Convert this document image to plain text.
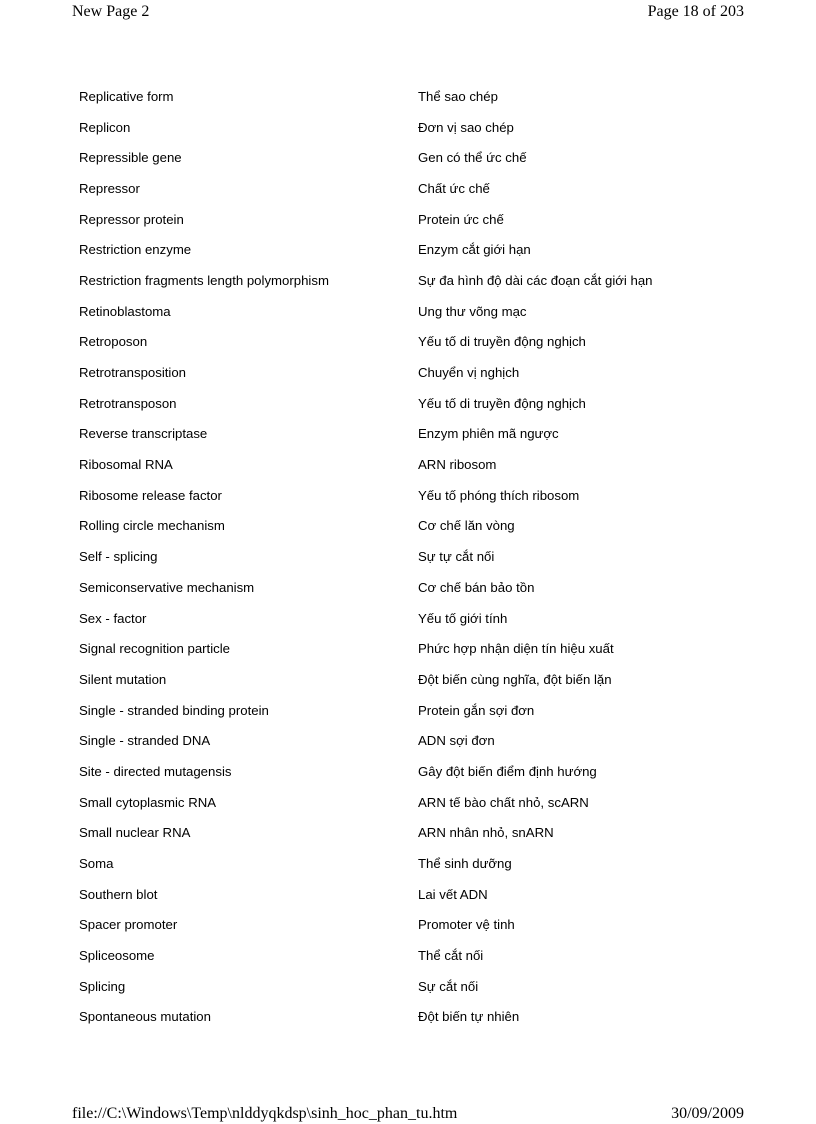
New Page 2	Page 18 of 203
Replicative form	Thể sao chép
Replicon	Đơn vị sao chép
Repressible gene	Gen có thể ức chế
Repressor	Chất ức chế
Repressor protein	Protein ức chế
Restriction enzyme	Enzym cắt giới hạn
Restriction fragments length polymorphism	Sự đa hình độ dài các đoạn cắt giới hạn
Retinoblastoma	Ung thư võng mạc
Retroposon	Yếu tố di truyền động nghịch
Retrotransposition	Chuyển vị nghịch
Retrotransposon	Yếu tố di truyền động nghịch
Reverse transcriptase	Enzym phiên mã ngược
Ribosomal RNA	ARN ribosom
Ribosome release factor	Yếu tố phóng thích ribosom
Rolling circle mechanism	Cơ chế lăn vòng
Self - splicing	Sự tự cắt nối
Semiconservative mechanism	Cơ chế bán bảo tồn
Sex - factor	Yếu tố giới tính
Signal recognition particle	Phức hợp nhận diện tín hiệu xuất
Silent mutation	Đột biến cùng nghĩa, đột biến lặn
Single - stranded binding protein	Protein gắn sợi đơn
Single - stranded DNA	ADN sợi đơn
Site - directed mutagensis	Gây đột biến điểm định hướng
Small cytoplasmic RNA	ARN tế bào chất nhỏ, scARN
Small nuclear RNA	ARN nhân nhỏ, snARN
Soma	Thể sinh dưỡng
Southern blot	Lai vết ADN
Spacer promoter	Promoter vệ tinh
Spliceosome	Thể cắt nối
Splicing	Sự cắt nối
Spontaneous mutation	Đột biến tự nhiên
file://C:\Windows\Temp\nlddyqkdsp\sinh_hoc_phan_tu.htm	30/09/2009
